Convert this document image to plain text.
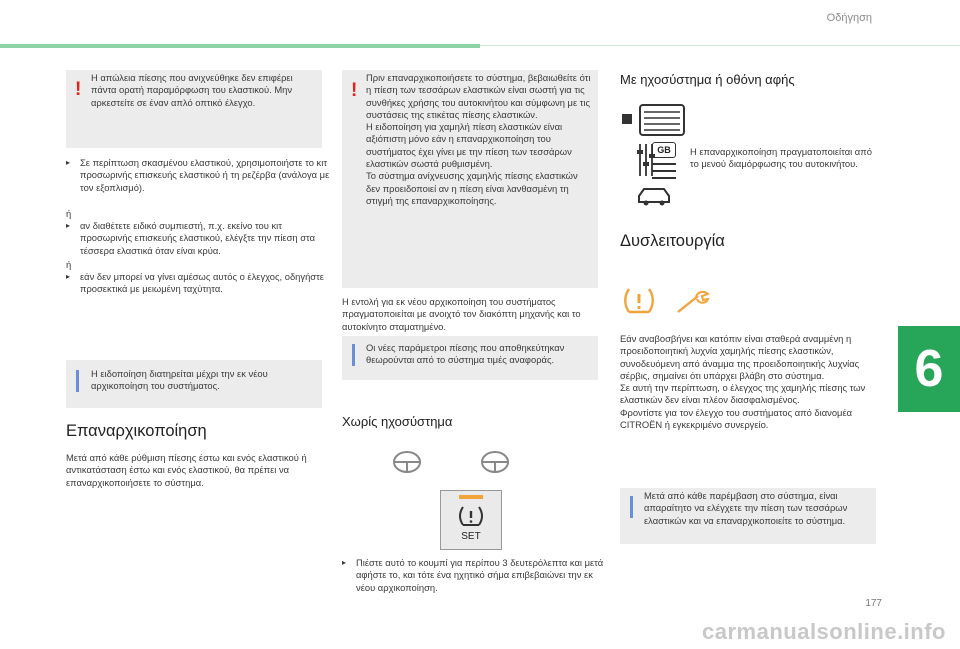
Οδήγηση
6
177
!
Η απώλεια πίεσης που ανιχνεύθηκε δεν επιφέρει πάντα ορατή παραμόρφωση του ελαστικού. Μην αρκεστείτε σε έναν απλό οπτικό έλεγχο.
▸ Σε περίπτωση σκασμένου ελαστικού, χρησιμοποιήστε το κιτ προσωρινής επισκευής ελαστικού ή τη ρεζέρβα (ανάλογα με τον εξοπλισμό).
ή
▸ αν διαθέτετε ειδικό συμπιεστή, π.χ. εκείνο του κιτ προσωρινής επισκευής ελαστικού, ελέγξτε την πίεση στα τέσσερα ελαστικά όταν είναι κρύα.
ή
▸ εάν δεν μπορεί να γίνει αμέσως αυτός ο έλεγχος, οδηγήστε προσεκτικά με μειωμένη ταχύτητα.
Η ειδοποίηση διατηρείται μέχρι την εκ νέου αρχικοποίηση του συστήματος.
Επαναρχικοποίηση
Μετά από κάθε ρύθμιση πίεσης έστω και ενός ελαστικού ή αντικατάσταση έστω και ενός ελαστικού, θα πρέπει να επαναρχικοποιήσετε το σύστημα.
!
Πριν επαναρχικοποιήσετε το σύστημα, βεβαιωθείτε ότι η πίεση των τεσσάρων ελαστικών είναι σωστή για τις συνθήκες χρήσης του αυτοκινήτου και σύμφωνη με τις συστάσεις της ετικέτας πίεσης ελαστικών.
Η ειδοποίηση για χαμηλή πίεση ελαστικών είναι αξιόπιστη μόνο εάν η επαναρχικοποίηση του συστήματος έχει γίνει με την πίεση των τεσσάρων ελαστικών σωστά ρυθμισμένη.
Το σύστημα ανίχνευσης χαμηλής πίεσης ελαστικών δεν προειδοποιεί αν η πίεση είναι λανθασμένη τη στιγμή της επαναρχικοποίησης.
Η εντολή για εκ νέου αρχικοποίηση του συστήματος πραγματοποιείται με ανοιχτό τον διακόπτη μηχανής και το αυτοκίνητο σταματημένο.
Οι νέες παράμετροι πίεσης που αποθηκεύτηκαν θεωρούνται από το σύστημα τιμές αναφοράς.
Χωρίς ηχοσύστημα
SET
▸ Πιέστε αυτό το κουμπί για περίπου 3 δευτερόλεπτα και μετά αφήστε το, και τότε ένα ηχητικό σήμα επιβεβαιώνει την εκ νέου αρχικοποίηση.
Με ηχοσύστημα ή οθόνη αφής
GB	Η επαναρχικοποίηση πραγματοποιείται από το μενού διαμόρφωσης του αυτοκινήτου.
Δυσλειτουργία
Εάν αναβοσβήνει και κατόπιν είναι σταθερά αναμμένη η προειδοποιητική λυχνία χαμηλής πίεσης ελαστικών, συνοδευόμενη από άναμμα της προειδοποιητικής λυχνίας σέρβις, σημαίνει ότι υπάρχει βλάβη στο σύστημα.
Σε αυτή την περίπτωση, ο έλεγχος της χαμηλής πίεσης των ελαστικών δεν είναι πλέον διασφαλισμένος.
Φροντίστε για τον έλεγχο του συστήματος από διανομέα CITROËN ή εγκεκριμένο συνεργείο.
Μετά από κάθε παρέμβαση στο σύστημα, είναι απαραίτητο να ελέγχετε την πίεση των τεσσάρων ελαστικών και να επαναρχικοποιείτε το σύστημα.
carmanualsonline.info
